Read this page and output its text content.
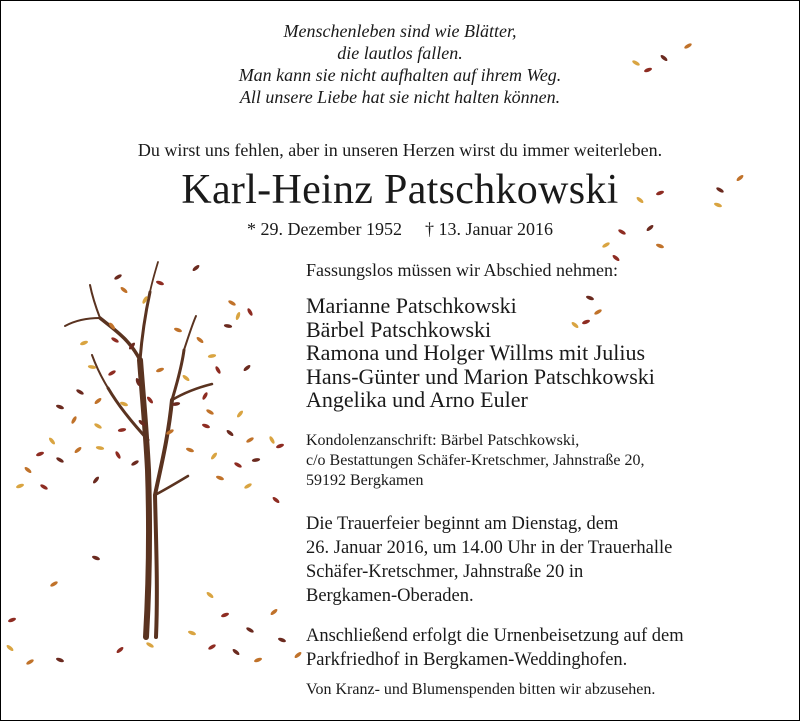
Menschenleben sind wie Blätter,
die lautlos fallen.
Man kann sie nicht aufhalten auf ihrem Weg.
All unsere Liebe hat sie nicht halten können.
Du wirst uns fehlen, aber in unseren Herzen wirst du immer weiterleben.
Karl-Heinz Patschkowski
* 29. Dezember 1952 † 13. Januar 2016
Fassungslos müssen wir Abschied nehmen:
Marianne Patschkowski
Bärbel Patschkowski
Ramona und Holger Willms mit Julius
Hans-Günter und Marion Patschkowski
Angelika und Arno Euler
Kondolenzanschrift: Bärbel Patschkowski,
c/o Bestattungen Schäfer-Kretschmer, Jahnstraße 20,
59192 Bergkamen
Die Trauerfeier beginnt am Dienstag, dem
26. Januar 2016, um 14.00 Uhr in der Trauerhalle
Schäfer-Kretschmer, Jahnstraße 20 in
Bergkamen-Oberaden.
Anschließend erfolgt die Urnenbeisetzung auf dem
Parkfriedhof in Bergkamen-Weddinghofen.
Von Kranz- und Blumenspenden bitten wir abzusehen.
